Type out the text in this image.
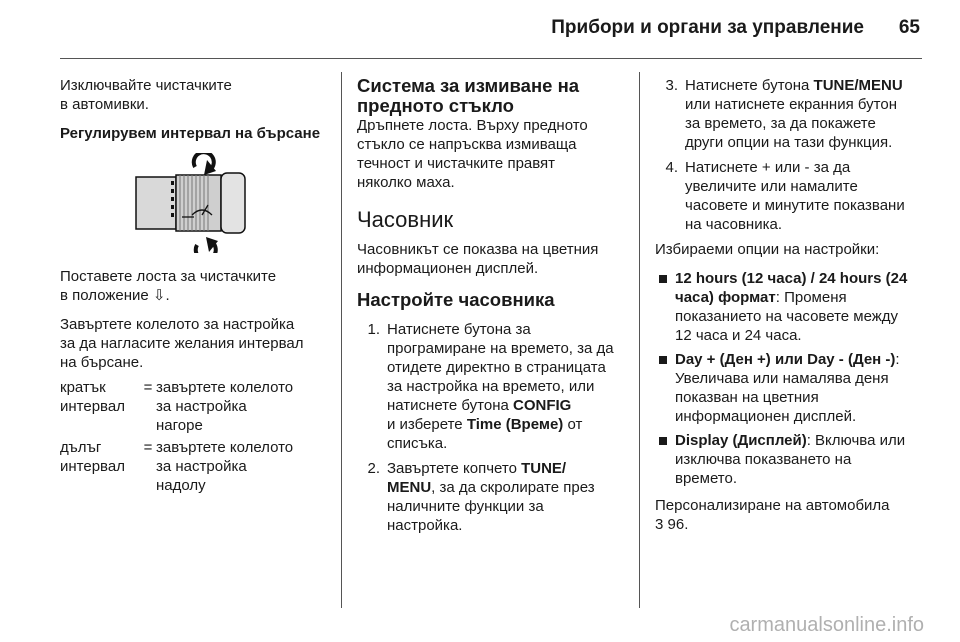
Прибори и органи за управление 65

Изключвайте чистачките
в автомивки.

Регулирувем интервал на бърсане

Поставете лоста за чистачките
в положение ⇩.

Завъртете колелото за настройка
за да нагласите желания интервал
на бърсане.

кратък
интервал
= завъртете колелото
за настройка
нагоре
дълъг
интервал
= завъртете колелото
за настройка
надолу
Система за измиване на
предното стъкло

Дръпнете лоста. Върху предното
стъкло се напръсква измиваща
течност и чистачките правят
няколко маха.

Часовник

Часовникът се показва на цветния
информационен дисплей.

Настройте часовника
1. Натиснете бутона за
програмиране на времето, за да
отидете директно в страницата
за настройка на времето, или
натиснете бутона CONFIG
и изберете Time (Време) от
списъка.
2. Завъртете копчето TUNE/
MENU, за да скролирате през
наличните функции за
настройка.
3. Натиснете бутона TUNE/MENU
или натиснете екранния бутон
за времето, за да покажете
други опции на тази функция.
4. Натиснете + или - за да
увеличите или намалите
часовете и минутите показвани
на часовника.

Избираеми опции на настройки:

12 hours (12 часа) / 24 hours (24
часа) формат: Променя
показанието на часовете между
12 часа и 24 часа.
Day + (Ден +) или Day - (Ден -):
Увеличава или намалява деня
показван на цветния
информационен дисплей.
Display (Дисплей): Включва или
изключва показването на
времето.

Персонализиране на автомобила

3 96.

carmanualsonline.info
